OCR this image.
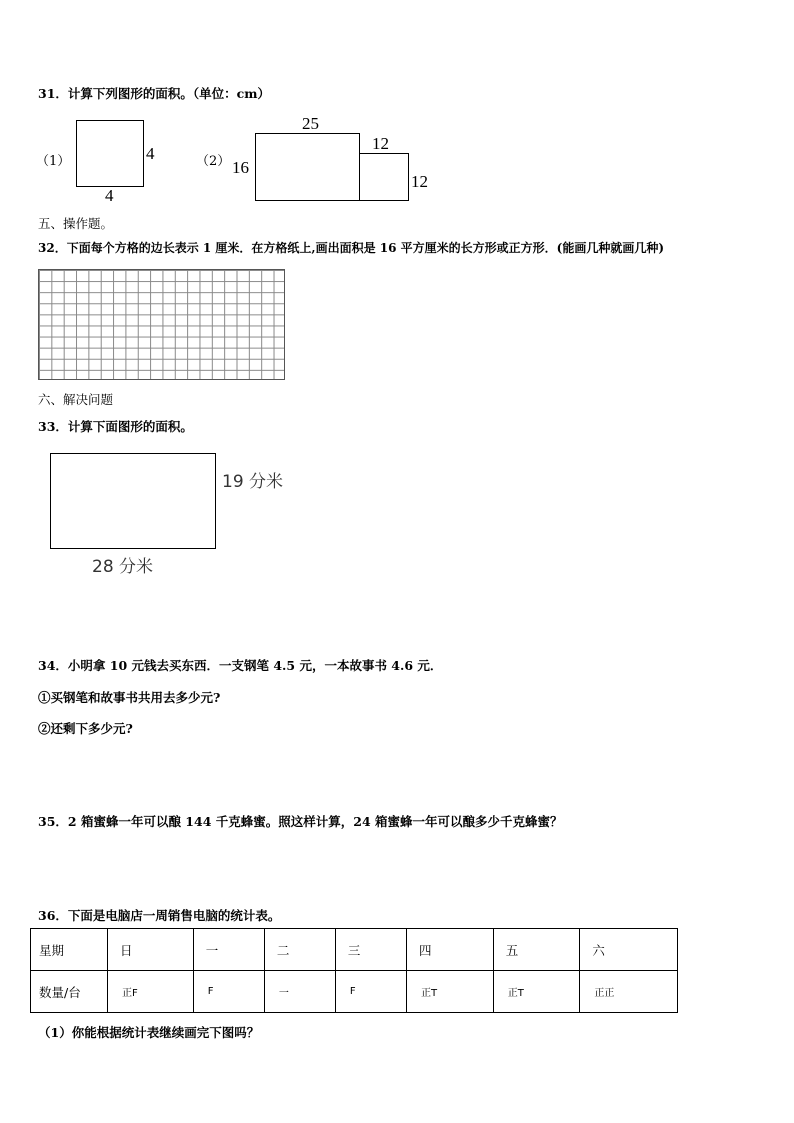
31．计算下列图形的面积。（单位：cm）
（1）	4
4
（2） 16
25
12
12
五、操作题。
32．下面每个方格的边长表示 1 厘米．在方格纸上,画出面积是 16 平方厘米的长方形或正方形．(能画几种就画几种)
六、解决问题
33．计算下面图形的面积。
19 分米
28 分米
34．小明拿 10 元钱去买东西．一支钢笔 4.5 元，一本故事书 4.6 元．
①买钢笔和故事书共用去多少元?
②还剩下多少元?
35．2 箱蜜蜂一年可以酿 144 千克蜂蜜。照这样计算，24 箱蜜蜂一年可以酿多少千克蜂蜜？
36．下面是电脑店一周销售电脑的统计表。
星期	日	一	二	三	四	五	六
数量/台	正F	F	一	F	正T	正T	正正
（1）你能根据统计表继续画完下图吗？
